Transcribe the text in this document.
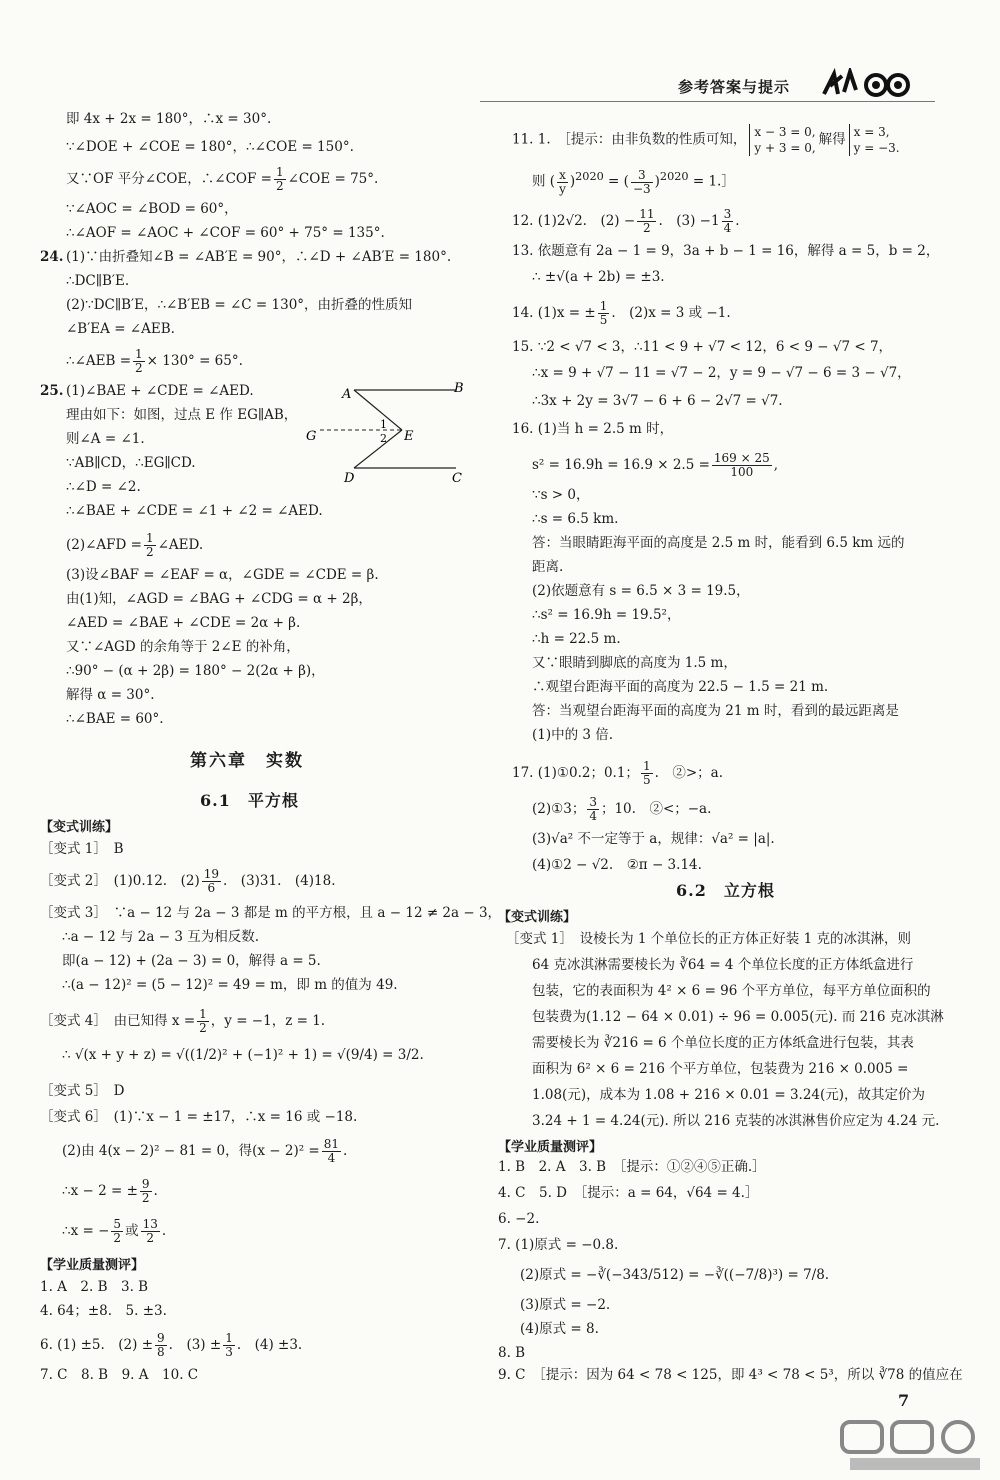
参考答案与提示
即 4x + 2x = 180°，∴x = 30°.
∵∠DOE + ∠COE = 180°，∴∠COE = 150°.
又∵OF 平分∠COE，∴∠COF = $\frac{1}{2}$ ∠COE = 75°.
∵∠AOC = ∠BOD = 60°，
∴∠AOF = ∠AOC + ∠COF = 60° + 75° = 135°.
24. (1)∵由折叠知∠B = ∠AB′E = 90°，∴∠D + ∠AB′E = 180°.
∴DC∥B′E.
(2)∵DC∥B′E，∴∠B′EB = ∠C = 130°，由折叠的性质知
∠B′EA = ∠AEB.
∴∠AEB = $\frac{1}{2} \times 130^\circ = 65^\circ$.
25. (1)∠BAE + ∠CDE = ∠AED.
理由如下：如图，过点 E 作 EG∥AB，
则∠A = ∠1.
∵AB∥CD，∴EG∥CD.
∴∠D = ∠2.
∴∠BAE + ∠CDE = ∠1 + ∠2 = ∠AED.
A	B
C
D
E
G
1
2
(2)∠AFD = $\frac{1}{2}$ ∠AED.
(3)设∠BAF = ∠EAF = α，∠GDE = ∠CDE = β.
由(1)知，∠AGD = ∠BAG + ∠CDG = α + 2β，
∠AED = ∠BAE + ∠CDE = 2α + β.
又∵∠AGD 的余角等于 2∠E 的补角，
∴90° − (α + 2β) = 180° − 2(2α + β)，
解得 α = 30°.
∴∠BAE = 60°.
第六章　实数
6.1　平方根
【变式训练】
［变式 1］　B
［变式 2］　(1)0.12.　$(2) \frac{19}{6}$ .　(3)31.　(4)18.
［变式 3］　∵a − 12 与 2a − 3 都是 m 的平方根，且 a − 12 ≠ 2a − 3，
∴a − 12 与 2a − 3 互为相反数.
即(a − 12) + (2a − 3) = 0，解得 a = 5.
∴(a − 12)² = (5 − 12)² = 49 = m，即 m 的值为 49.
［变式 4］　由已知得 $x = \frac{1}{2}$ ，y = −1，z = 1.
∴ √(x + y + z) = √((1/2)² + (−1)² + 1) = √(9/4) = 3/2.
［变式 5］　D
［变式 6］　(1)∵x − 1 = ±17，∴x = 16 或 −18.
(2)由 4(x − 2)² − 81 = 0，得$(x - 2)^2 = \frac{81}{4}$ .
∴x − 2 = ± $\frac{9}{2}$ .
∴x = − $\frac{5}{2}$ 或 $\frac{13}{2}$ .
【学业质量测评】
1. A　2. B　3. B
4. 64；±8.　5. ±3.
6. (1) ±5.　$(2) \pm \frac{9}{8}$ .　$(3) \pm \frac{1}{3}$ .　(4) ±3.
7. C　8. B　9. A　10. C
11. 1.　［提示：由非负数的性质可知， x − 3 = 0,
y + 3 = 0,解得 x = 3,
y = −3.
则 ( $\frac{x}{y} )^{2020}$ = ( $\frac{3}{-3} )^{2020}$ = 1.］
12. (1)2√2.　$(2) - \frac{11}{2}$ .　$(3) -1 \frac{3}{4}$ .
13. 依题意有 2a − 1 = 9，3a + b − 1 = 16，解得 a = 5，b = 2，
∴ ±√(a + 2b) = ±3.
14. (1)x = ± $\frac{1}{5}$ .　(2)x = 3 或 −1.
15. ∵2 < √7 < 3，∴11 < 9 + √7 < 12，6 < 9 − √7 < 7，
∴x = 9 + √7 − 11 = √7 − 2，y = 9 − √7 − 6 = 3 − √7，
∴3x + 2y = 3√7 − 6 + 6 − 2√7 = √7.
16. (1)当 h = 2.5 m 时，
$s^2 = 16.9h = 16.9 \times 2.5 = \frac{169 \times 25}{100}$ ,
∵s > 0，
∴s = 6.5 km.
答：当眼睛距海平面的高度是 2.5 m 时，能看到 6.5 km 远的
距离.
(2)依题意有 s = 6.5 × 3 = 19.5，
∴s² = 16.9h = 19.5²，
∴h = 22.5 m.
又∵眼睛到脚底的高度为 1.5 m，
∴观望台距海平面的高度为 22.5 − 1.5 = 21 m.
答：当观望台距海平面的高度为 21 m 时，看到的最远距离是
(1)中的 3 倍.
17. (1)①0.2；0.1； $\frac{1}{5}$ .　②>；a.
(2)①3； $\frac{3}{4}$ ；10.　②<；−a.
(3)√a² 不一定等于 a，规律：√a² = |a|.
(4)①2 − √2.　②π − 3.14.
6.2　立方根
【变式训练】
［变式 1］　设棱长为 1 个单位长的正方体正好装 1 克的冰淇淋，则
64 克冰淇淋需要棱长为 ∛64 = 4 个单位长度的正方体纸盒进行
包装，它的表面积为 4² × 6 = 96 个平方单位，每平方单位面积的
包装费为(1.12 − 64 × 0.01) ÷ 96 = 0.005(元). 而 216 克冰淇淋
需要棱长为 ∛216 = 6 个单位长度的正方体纸盒进行包装，其表
面积为 6² × 6 = 216 个平方单位，包装费为 216 × 0.005 =
1.08(元)，成本为 1.08 + 216 × 0.01 = 3.24(元)，故其定价为
3.24 + 1 = 4.24(元). 所以 216 克装的冰淇淋售价应定为 4.24 元.
【学业质量测评】
1. B　2. A　3. B　［提示：①②④⑤正确.］
4. C　5. D　［提示：a = 64，√64 = 4.］
6. −2.
7. (1)原式 = −0.8.
(2)原式 = −∛(−343/512) = −∛((−7/8)³) = 7/8.
(3)原式 = −2.
(4)原式 = 8.
8. B
9. C　［提示：因为 64 < 78 < 125，即 4³ < 78 < 5³，所以 ∛78 的值应在
7
